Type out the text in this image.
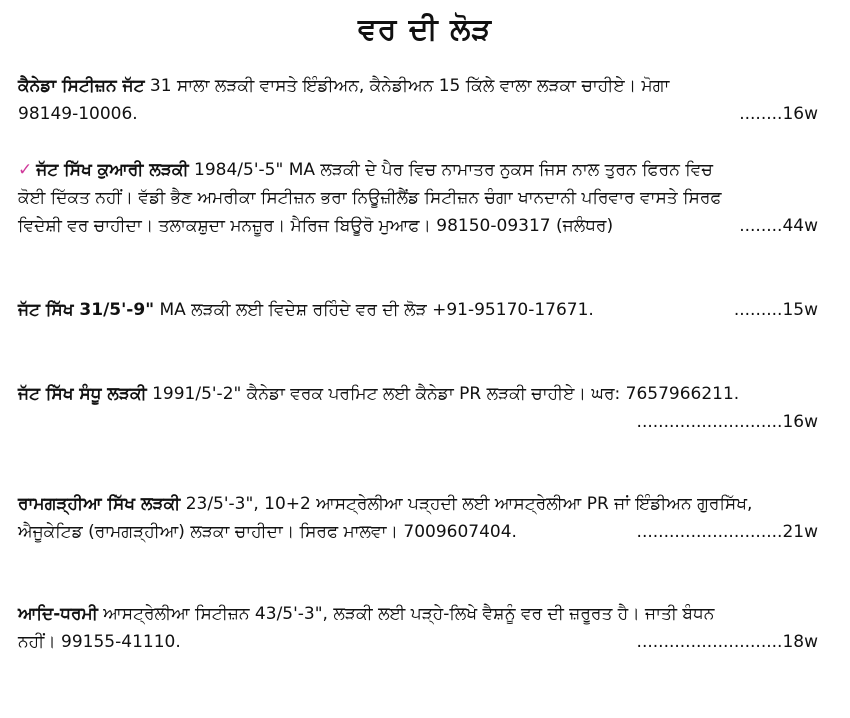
ਵਰ ਦੀ ਲੋੜ
ਕੈਨੇਡਾ ਸਿਟੀਜ਼ਨ ਜੱਟ 31 ਸਾਲਾ ਲੜਕੀ ਵਾਸਤੇ ਇੰਡੀਅਨ, ਕੈਨੇਡੀਅਨ 15 ਕਿੱਲੇ ਵਾਲਾ ਲੜਕਾ ਚਾਹੀਏ। ਮੋਗਾ
98149-10006.	........16w
✓ ਜੱਟ ਸਿੱਖ ਕੁਆਰੀ ਲੜਕੀ 1984/5'-5" MA ਲੜਕੀ ਦੇ ਪੈਰ ਵਿਚ ਨਾਮਾਤਰ ਨੁਕਸ ਜਿਸ ਨਾਲ ਤੁਰਨ ਫਿਰਨ ਵਿਚ
ਕੋਈ ਦਿੱਕਤ ਨਹੀਂ। ਵੱਡੀ ਭੈਣ ਅਮਰੀਕਾ ਸਿਟੀਜ਼ਨ ਭਰਾ ਨਿਊਜ਼ੀਲੈਂਡ ਸਿਟੀਜ਼ਨ ਚੰਗਾ ਖਾਨਦਾਨੀ ਪਰਿਵਾਰ ਵਾਸਤੇ ਸਿਰਫ
ਵਿਦੇਸ਼ੀ ਵਰ ਚਾਹੀਦਾ। ਤਲਾਕਸ਼ੁਦਾ ਮਨਜ਼ੂਰ। ਮੈਰਿਜ ਬਿਊਰੋ ਮੁਆਫ। 98150-09317 (ਜਲੰਧਰ)	........44w
ਜੱਟ ਸਿੱਖ 31/5'-9" MA ਲੜਕੀ ਲਈ ਵਿਦੇਸ਼ ਰਹਿੰਦੇ ਵਰ ਦੀ ਲੋੜ +91-95170-17671.	.........15w
ਜੱਟ ਸਿੱਖ ਸੰਧੂ ਲੜਕੀ 1991/5'-2" ਕੈਨੇਡਾ ਵਰਕ ਪਰਮਿਟ ਲਈ ਕੈਨੇਡਾ PR ਲੜਕੀ ਚਾਹੀਏ। ਘਰ: 7657966211.
...........................16w
ਰਾਮਗੜ੍ਹੀਆ ਸਿੱਖ ਲੜਕੀ 23/5'-3", 10+2 ਆਸਟ੍ਰੇਲੀਆ ਪੜ੍ਹਦੀ ਲਈ ਆਸਟ੍ਰੇਲੀਆ PR ਜਾਂ ਇੰਡੀਅਨ ਗੁਰਸਿੱਖ,
ਐਜੂਕੇਟਿਡ (ਰਾਮਗੜ੍ਹੀਆ) ਲੜਕਾ ਚਾਹੀਦਾ। ਸਿਰਫ ਮਾਲਵਾ। 7009607404.	...........................21w
ਆਦਿ-ਧਰਮੀ ਆਸਟ੍ਰੇਲੀਆ ਸਿਟੀਜ਼ਨ 43/5'-3", ਲੜਕੀ ਲਈ ਪੜ੍ਹੇ-ਲਿਖੇ ਵੈਸ਼ਨੂੰ ਵਰ ਦੀ ਜ਼ਰੂਰਤ ਹੈ। ਜਾਤੀ ਬੰਧਨ
ਨਹੀਂ। 99155-41110.	...........................18w
